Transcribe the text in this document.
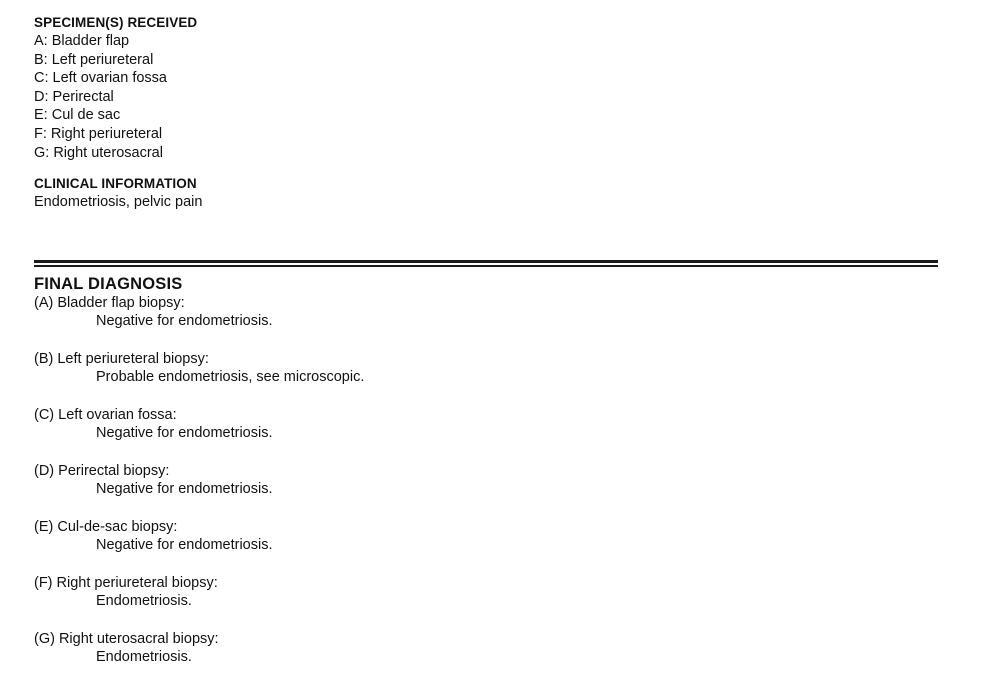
SPECIMEN(S) RECEIVED

A: Bladder flap

B: Left periureteral

C: Left ovarian fossa

D: Perirectal

E: Cul de sac

F: Right periureteral

G: Right uterosacral

CLINICAL INFORMATION

Endometriosis, pelvic pain

FINAL DIAGNOSIS

(A) Bladder flap biopsy:

Negative for endometriosis.

(B) Left periureteral biopsy:

Probable endometriosis, see microscopic.

(C) Left ovarian fossa:

Negative for endometriosis.

(D) Perirectal biopsy:

Negative for endometriosis.

(E) Cul-de-sac biopsy:

Negative for endometriosis.

(F) Right periureteral biopsy:

Endometriosis.

(G) Right uterosacral biopsy:

Endometriosis.
